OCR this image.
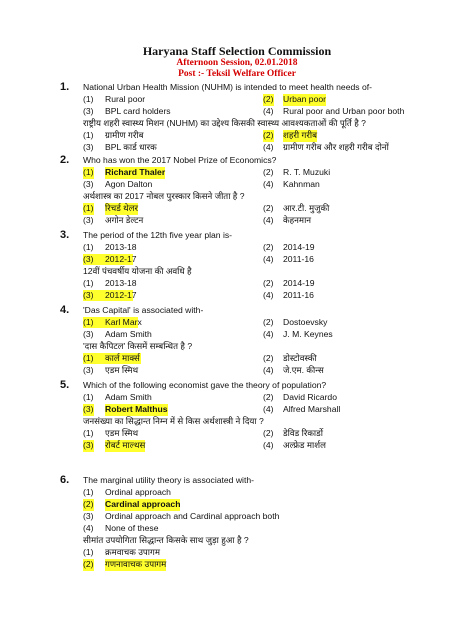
Haryana Staff Selection Commission
Afternoon Session, 02.01.2018
Post :- Teksil Welfare Officer
1. National Urban Health Mission (NUHM) is intended to meet health needs of-
(1) Rural poor	(2) Urban poor
(3) BPL card holders	(4) Rural poor and Urban poor both
राष्ट्रीय शहरी स्वास्थ्य मिशन (NUHM) का उद्देश्य किसकी स्वास्थ्य आवश्यकताओं की पूर्ति है ?
(1) ग्रामीण गरीब	(2) शहरी गरीब
(3) BPL कार्ड धारक	(4) ग्रामीण गरीब और शहरी गरीब दोनों
2. Who has won the 2017 Nobel Prize of Economics?
(1) Richard Thaler	(2) R. T. Muzuki
(3) Agon Dalton	(4) Kahnman
अर्थशास्त्र का 2017 नोबल पुरस्कार किसने जीता है ?
(1) रिचर्ड थेलर	(2) आर.टी. मुजुकी
(3) अगोन डेल्टन	(4) केहनमान
3. The period of the 12th five year plan is-
(1) 2013-18	(2) 2014-19
(3) 2012-17	(4) 2011-16
12वीं पंचवर्षीय योजना की अवधि है
(1) 2013-18	(2) 2014-19
(3) 2012-17	(4) 2011-16
4. 'Das Capital' is associated with-
(1) Karl Marx	(2) Dostoevsky
(3) Adam Smith	(4) J. M. Keynes
'दास कैपिटल' किसमें सम्बन्धित है ?
(1) कार्ल मार्क्स	(2) डोस्टोवस्की
(3) एडम स्मिथ	(4) जे.एम. कीन्स
5. Which of the following economist gave the theory of population?
(1) Adam Smith	(2) David Ricardo
(3) Robert Malthus	(4) Alfred Marshall
जनसंख्या का सिद्धान्त निम्न में से किस अर्थशास्त्री ने दिया ?
(1) एडम स्मिथ	(2) डेविड रिकार्डो
(3) रोबर्ट माल्थस	(4) अल्फ्रेड मार्शल
6. The marginal utility theory is associated with-
(1) Ordinal approach
(2) Cardinal approach
(3) Ordinal approach and Cardinal approach both
(4) None of these
सीमांत उपयोगिता सिद्धान्त किसके साथ जुड़ा हुआ है ?
(1) क्रमवाचक उपागम
(2) गणनावाचक उपागम
